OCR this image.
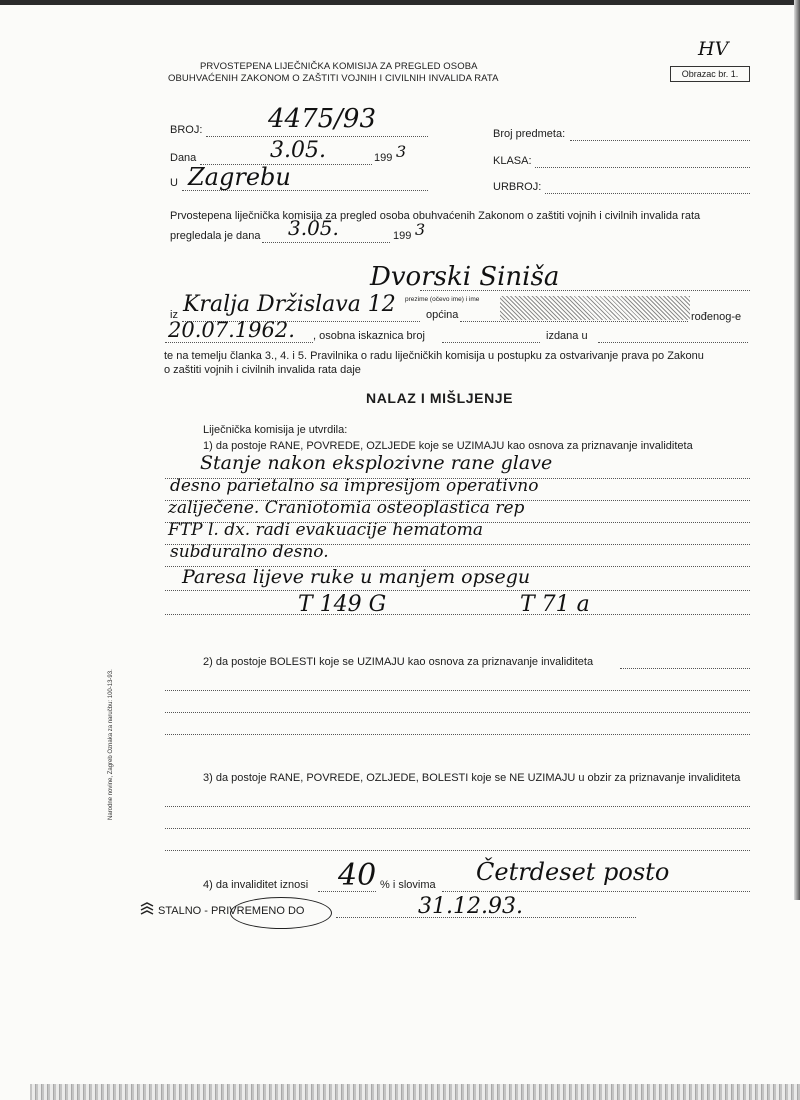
PRVOSTEPENA LIJEČNIČKA KOMISIJA ZA PREGLED OSOBA
OBUHVAĆENIH ZAKONOM O ZAŠTITI VOJNIH I CIVILNIH INVALIDA RATA	Obrazac br. 1.
HV
BROJ:	4475/93
Dana	3.05.	199 3
U Zagrebu
Broj predmeta:
KLASA:
URBROJ:
Prvostepena liječnička komisija za pregled osoba obuhvaćenih Zakonom o zaštiti vojnih i civilnih invalida rata
pregledala je dana 3.05.	199 3
Dvorski Siniša
prezime (očevo ime) i ime
iz Kralja Držislava 12	općina	rođenog-e
20.07.1962. , osobna iskaznica broj	izdana u
te na temelju članka 3., 4. i 5. Pravilnika o radu liječničkih komisija u postupku za ostvarivanje prava po Zakonu
o zaštiti vojnih i civilnih invalida rata daje
NALAZ I MIŠLJENJE
Liječnička komisija je utvrdila:
1) da postoje RANE, POVREDE, OZLJEDE koje se UZIMAJU kao osnova za priznavanje invaliditeta
Stanje nakon eksplozivne rane glave
desno parietalno sa impresijom operativno
zaliječene. Craniotomia osteoplastica rep
FTP l. dx. radi evakuacije hematoma
subduralno desno.
Paresa lijeve ruke u manjem opsegu
T 149 G	T 71 a
2) da postoje BOLESTI koje se UZIMAJU kao osnova za priznavanje invaliditeta
3) da postoje RANE, POVREDE, OZLJEDE, BOLESTI koje se NE UZIMAJU u obzir za priznavanje invaliditeta
4) da invaliditet iznosi 40 % i slovima Četrdeset posto
STALNO - PRIVREMENO DO	31.12.93.
Narodne novine, Zagreb Oznaka za naručbu: 100-13-93.
